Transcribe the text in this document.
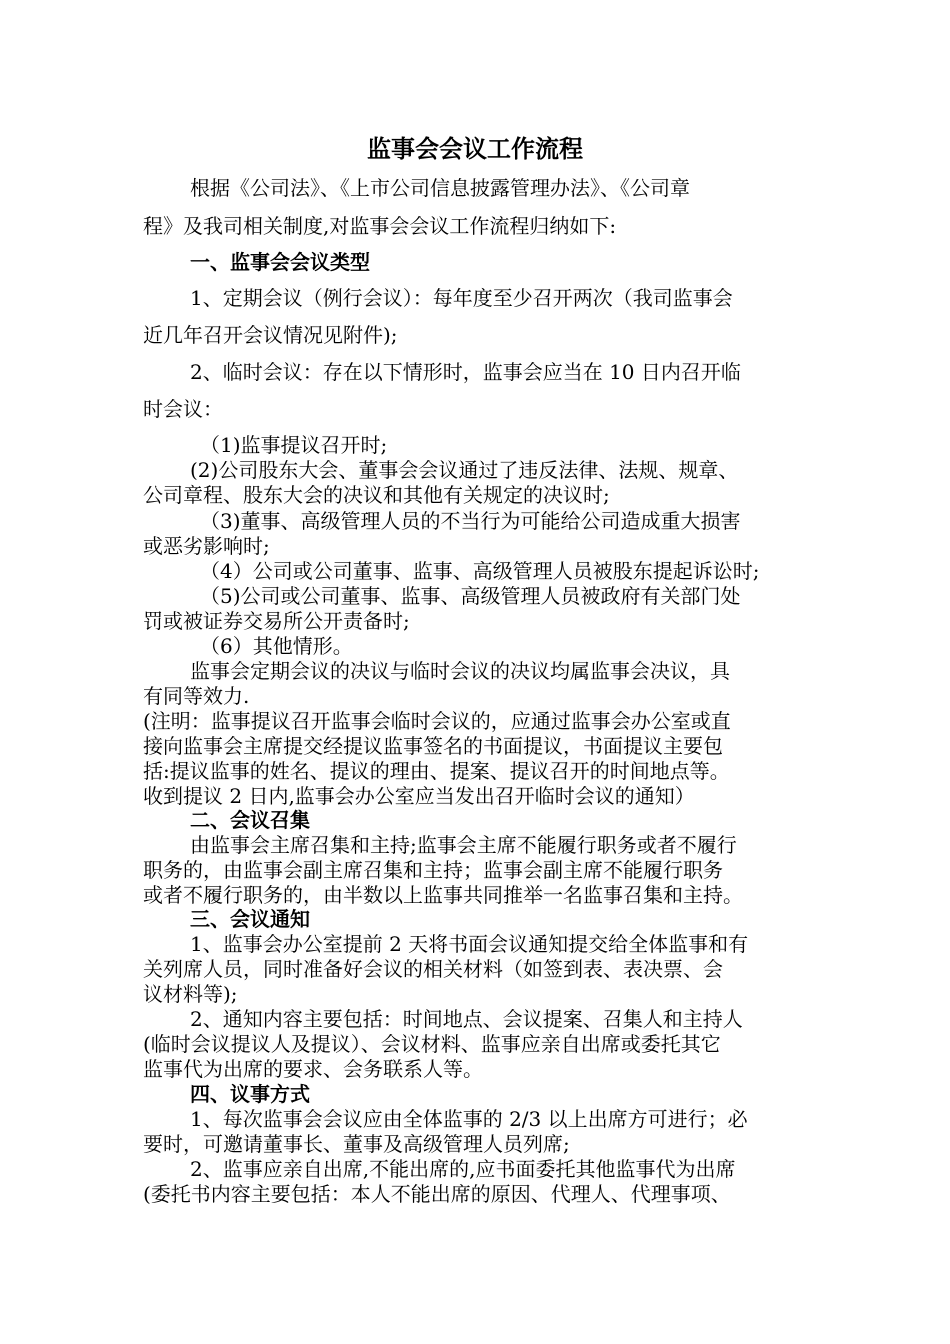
监事会会议工作流程
根据《公司法》、《上市公司信息披露管理办法》、《公司章
程》及我司相关制度,对监事会会议工作流程归纳如下:
一、监事会会议类型
1、定期会议（例行会议）：每年度至少召开两次（我司监事会
近几年召开会议情况见附件);
2、临时会议：存在以下情形时，监事会应当在 10 日内召开临
时会议：
（1)监事提议召开时;
(2)公司股东大会、董事会会议通过了违反法律、法规、规章、
公司章程、股东大会的决议和其他有关规定的决议时;
（3)董事、高级管理人员的不当行为可能给公司造成重大损害
或恶劣影响时;
（4）公司或公司董事、监事、高级管理人员被股东提起诉讼时;
（5)公司或公司董事、监事、高级管理人员被政府有关部门处
罚或被证券交易所公开责备时;
（6）其他情形。
监事会定期会议的决议与临时会议的决议均属监事会决议，具
有同等效力.
(注明：监事提议召开监事会临时会议的，应通过监事会办公室或直
接向监事会主席提交经提议监事签名的书面提议，书面提议主要包
括:提议监事的姓名、提议的理由、提案、提议召开的时间地点等。
收到提议 2 日内,监事会办公室应当发出召开临时会议的通知）
二、会议召集
由监事会主席召集和主持;监事会主席不能履行职务或者不履行
职务的，由监事会副主席召集和主持；监事会副主席不能履行职务
或者不履行职务的，由半数以上监事共同推举一名监事召集和主持。
三、会议通知
1、监事会办公室提前 2 天将书面会议通知提交给全体监事和有
关列席人员，同时准备好会议的相关材料（如签到表、表决票、会
议材料等);
2、通知内容主要包括：时间地点、会议提案、召集人和主持人
(临时会议提议人及提议）、会议材料、监事应亲自出席或委托其它
监事代为出席的要求、会务联系人等。
四、议事方式
1、每次监事会会议应由全体监事的 2/3 以上出席方可进行；必
要时，可邀请董事长、董事及高级管理人员列席;
2、监事应亲自出席,不能出席的,应书面委托其他监事代为出席
(委托书内容主要包括：本人不能出席的原因、代理人、代理事项、
